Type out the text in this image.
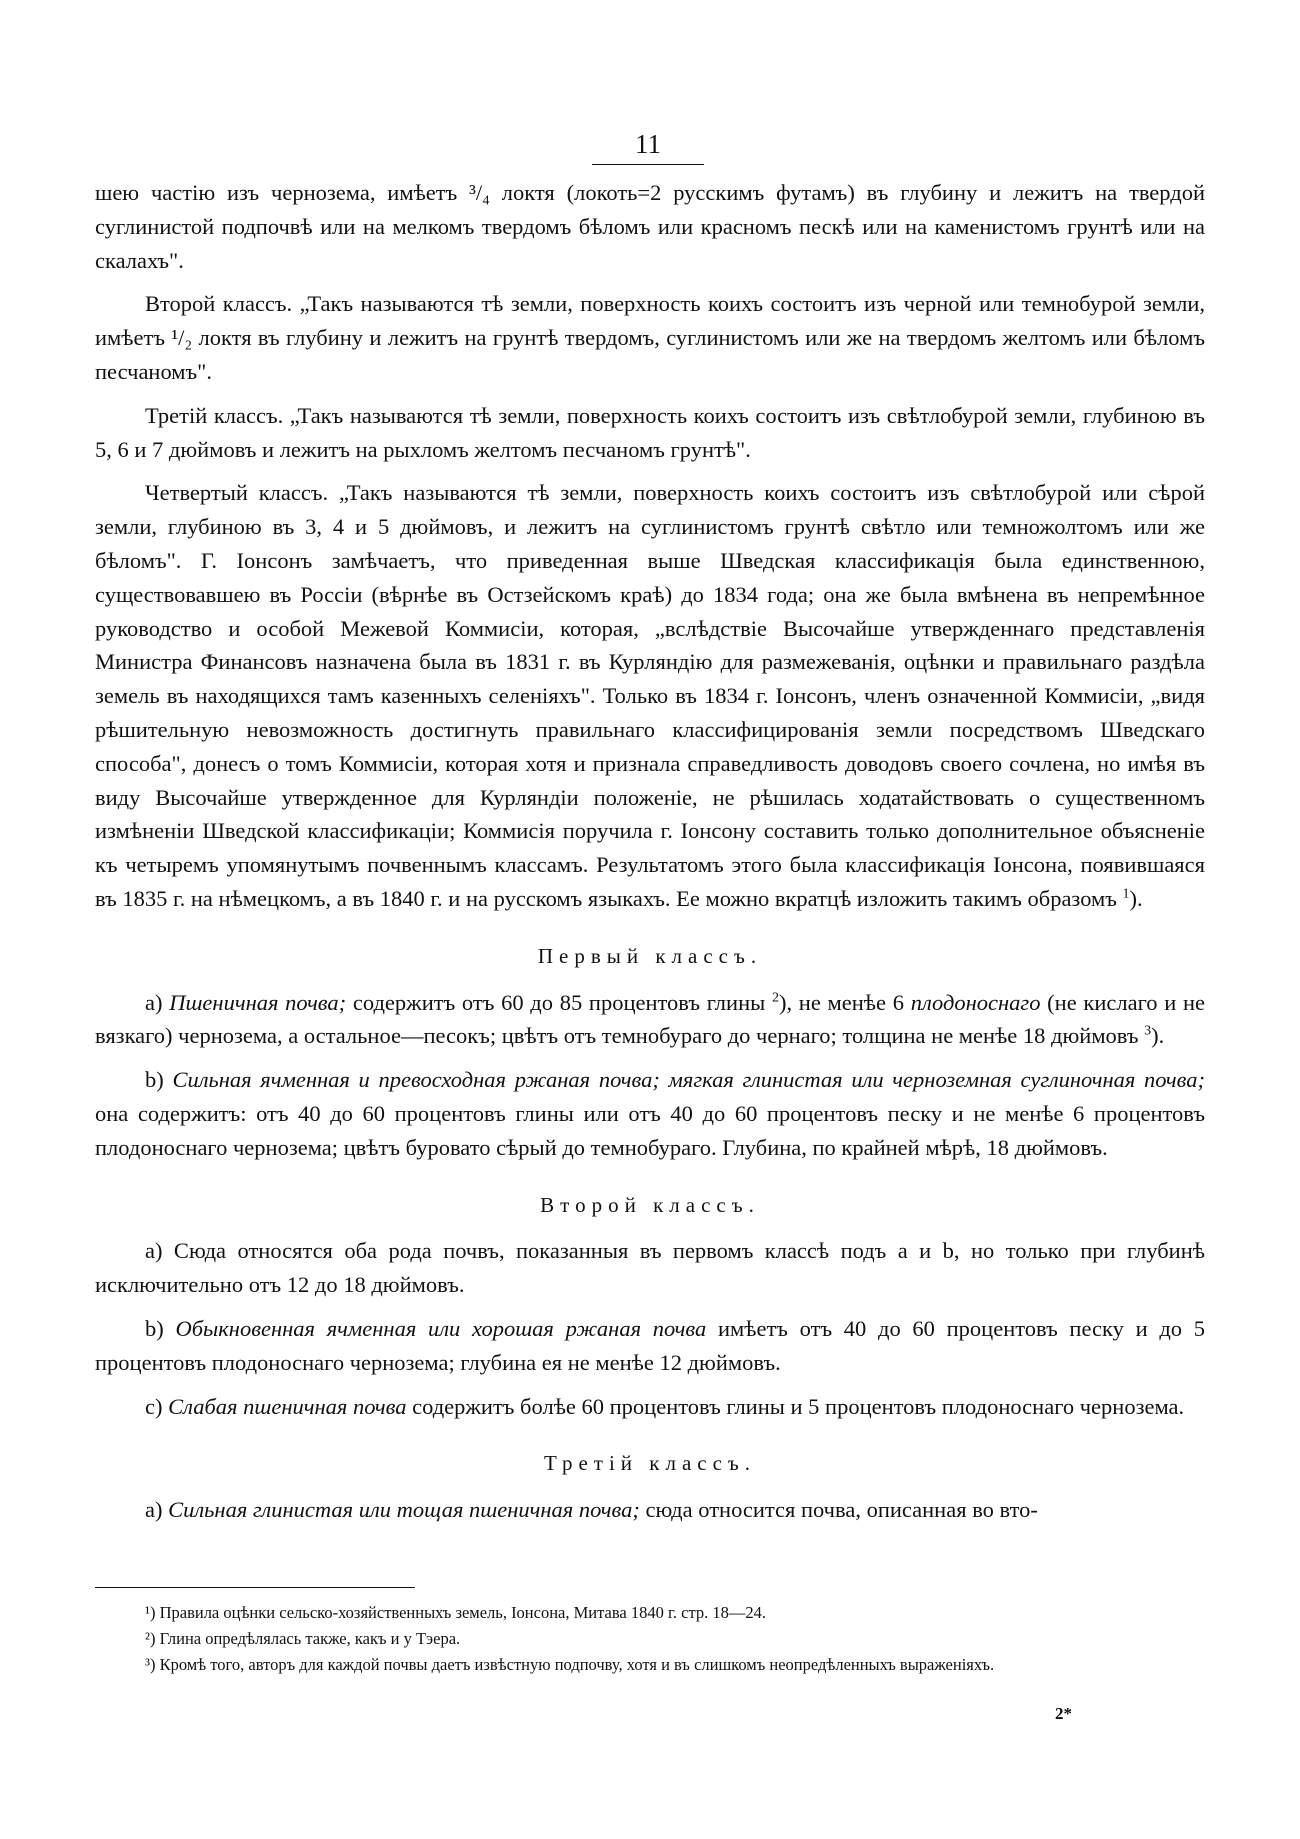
11

шею частію изъ чернозема, имѣетъ ³/₄ локтя (локоть=2 русскимъ футамъ) въ глубину и лежитъ на твердой суглинистой подпочвѣ или на мелкомъ твердомъ бѣломъ или красномъ пескѣ или на каменистомъ грунтѣ или на скалахъ".

Второй классъ. „Такъ называются тѣ земли, поверхность коихъ состоитъ изъ черной или темнобурой земли, имѣетъ ¹/₂ локтя въ глубину и лежитъ на грунтѣ твердомъ, суглинистомъ или же на твердомъ желтомъ или бѣломъ песчаномъ".

Третій классъ. „Такъ называются тѣ земли, поверхность коихъ состоитъ изъ свѣтлобурой земли, глубиною въ 5, 6 и 7 дюймовъ и лежитъ на рыхломъ желтомъ песчаномъ грунтѣ".

Четвертый классъ. „Такъ называются тѣ земли, поверхность коихъ состоитъ изъ свѣтлобурой или сѣрой земли, глубиною въ 3, 4 и 5 дюймовъ, и лежитъ на суглинистомъ грунтѣ свѣтло или темножолтомъ или же бѣломъ". Г. Іонсонъ замѣчаетъ, что приведенная выше Шведская классификація была единственною, существовавшею въ Россіи (вѣрнѣе въ Остзейскомъ краѣ) до 1834 года; она же была вмѣнена въ непремѣнное руководство и особой Межевой Коммисіи, которая, „вслѣдствіе Высочайше утвержденнаго представленія Министра Финансовъ назначена была въ 1831 г. въ Курляндію для размежеванія, оцѣнки и правильнаго раздѣла земель въ находящихся тамъ казенныхъ селеніяхъ". Только въ 1834 г. Іонсонъ, членъ означенной Коммисіи, „видя рѣшительную невозможность достигнуть правильнаго классифицированія земли посредствомъ Шведскаго способа", донесъ о томъ Коммисіи, которая хотя и признала справедливость доводовъ своего сочлена, но имѣя въ виду Высочайше утвержденное для Курляндіи положеніе, не рѣшилась ходатайствовать о существенномъ измѣненіи Шведской классификаціи; Коммисія поручила г. Іонсону составить только дополнительное объясненіе къ четыремъ упомянутымъ почвеннымъ классамъ. Результатомъ этого была классификація Іонсона, появившаяся въ 1835 г. на нѣмецкомъ, а въ 1840 г. и на русскомъ языкахъ. Ее можно вкратцѣ изложить такимъ образомъ $^1$).

Первый классъ.

a) Пшеничная почва; содержитъ отъ 60 до 85 процентовъ глины $^2$), не менѣе 6 плодоноснаго (не кислаго и не вязкаго) чернозема, а остальное—песокъ; цвѣтъ отъ темнобураго до чернаго; толщина не менѣе 18 дюймовъ $^3$).

b) Сильная ячменная и превосходная ржаная почва; мягкая глинистая или черноземная суглиночная почва; она содержитъ: отъ 40 до 60 процентовъ глины или отъ 40 до 60 процентовъ песку и не менѣе 6 процентовъ плодоноснаго чернозема; цвѣтъ буровато сѣрый до темнобураго. Глубина, по крайней мѣрѣ, 18 дюймовъ.

Второй классъ.

a) Сюда относятся оба рода почвъ, показанныя въ первомъ классѣ подъ a и b, но только при глубинѣ исключительно отъ 12 до 18 дюймовъ.

b) Обыкновенная ячменная или хорошая ржаная почва имѣетъ отъ 40 до 60 процентовъ песку и до 5 процентовъ плодоноснаго чернозема; глубина ея не менѣе 12 дюймовъ.

c) Слабая пшеничная почва содержитъ болѣе 60 процентовъ глины и 5 процентовъ плодоноснаго чернозема.

Третій классъ.

a) Сильная глинистая или тощая пшеничная почва; сюда относится почва, описанная во вто-

¹) Правила оцѣнки сельско-хозяйственныхъ земель, Іонсона, Митава 1840 г. стр. 18—24.

²) Глина опредѣлялась также, какъ и у Тэера.

³) Кромѣ того, авторъ для каждой почвы даетъ извѣстную подпочву, хотя и въ слишкомъ неопредѣленныхъ выраженіяхъ.

2*
